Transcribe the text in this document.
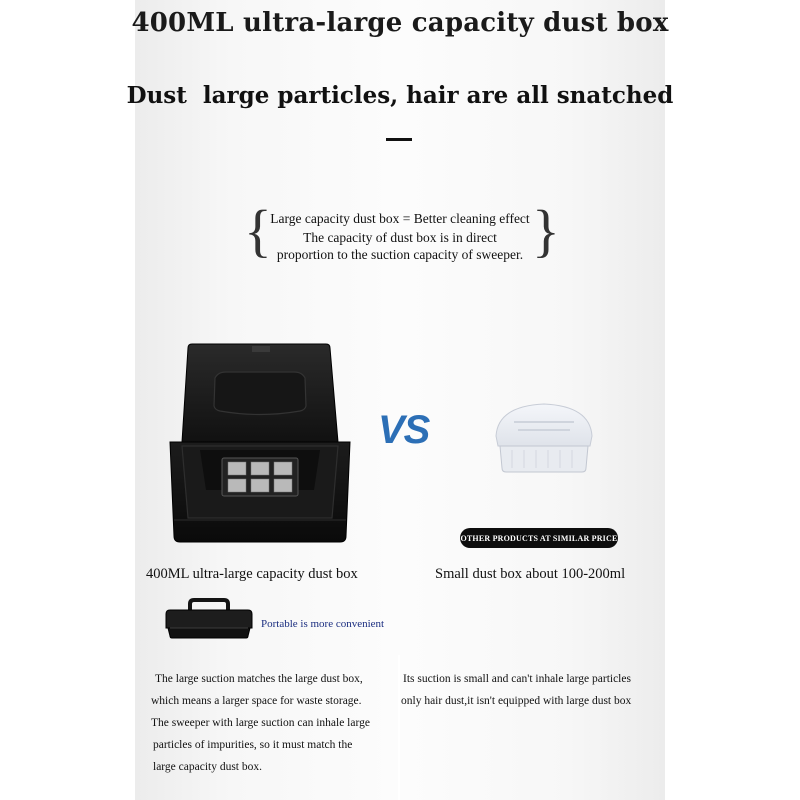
400ML ultra-large capacity dust box
Dust  large particles, hair are all snatched
{	}
Large capacity dust box = Better cleaning effect
The capacity of dust box is in direct
proportion to the suction capacity of sweeper.
VS
OTHER PRODUCTS AT SIMILAR PRICE
400ML ultra-large capacity dust box	Small dust box about 100-200ml
Portable is more convenient
The large suction matches the large dust box,
which means a larger space for waste storage.
The sweeper with large suction can inhale large
particles of impurities, so it must match the
large capacity dust box.
Its suction is small and can't inhale large particles
only hair dust,it isn't equipped with large dust box
